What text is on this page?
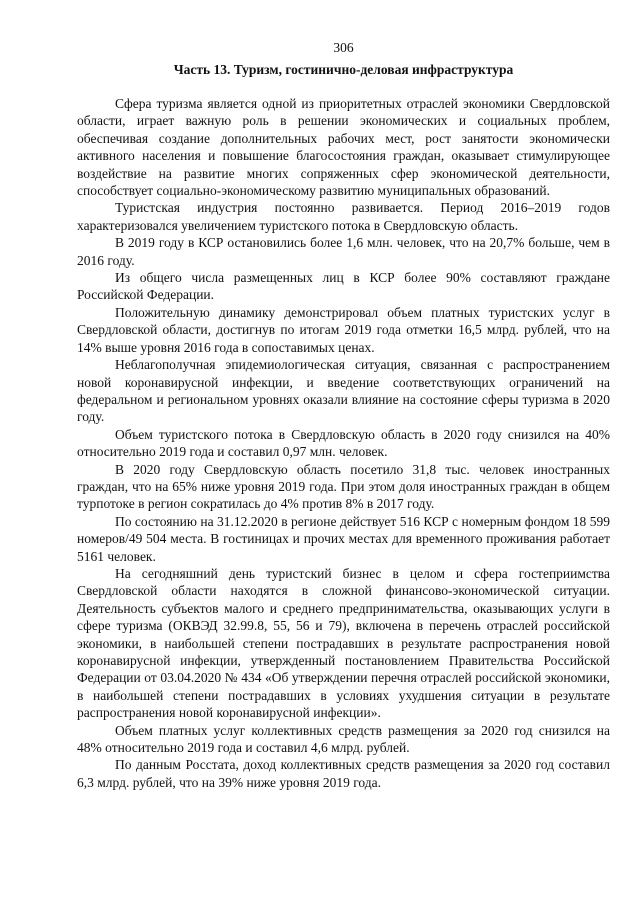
306
Часть 13. Туризм, гостинично-деловая инфраструктура

Сфера туризма является одной из приоритетных отраслей экономики Свердловской области, играет важную роль в решении экономических и социальных проблем, обеспечивая создание дополнительных рабочих мест, рост занятости экономически активного населения и повышение благосостояния граждан, оказывает стимулирующее воздействие на развитие многих сопряженных сфер экономической деятельности, способствует социально-экономическому развитию муниципальных образований.

Туристская индустрия постоянно развивается. Период 2016–2019 годов характеризовался увеличением туристского потока в Свердловскую область.

В 2019 году в КСР остановились более 1,6 млн. человек, что на 20,7% больше, чем в 2016 году.

Из общего числа размещенных лиц в КСР более 90% составляют граждане Российской Федерации.

Положительную динамику демонстрировал объем платных туристских услуг в Свердловской области, достигнув по итогам 2019 года отметки 16,5 млрд. рублей, что на 14% выше уровня 2016 года в сопоставимых ценах.

Неблагополучная эпидемиологическая ситуация, связанная с распространением новой коронавирусной инфекции, и введение соответствующих ограничений на федеральном и региональном уровнях оказали влияние на состояние сферы туризма в 2020 году.

Объем туристского потока в Свердловскую область в 2020 году снизился на 40% относительно 2019 года и составил 0,97 млн. человек.

В 2020 году Свердловскую область посетило 31,8 тыс. человек иностранных граждан, что на 65% ниже уровня 2019 года. При этом доля иностранных граждан в общем турпотоке в регион сократилась до 4% против 8% в 2017 году.

По состоянию на 31.12.2020 в регионе действует 516 КСР с номерным фондом 18 599 номеров/49 504 места. В гостиницах и прочих местах для временного проживания работает 5161 человек.

На сегодняшний день туристский бизнес в целом и сфера гостеприимства Свердловской области находятся в сложной финансово-экономической ситуации. Деятельность субъектов малого и среднего предпринимательства, оказывающих услуги в сфере туризма (ОКВЭД 32.99.8, 55, 56 и 79), включена в перечень отраслей российской экономики, в наибольшей степени пострадавших в результате распространения новой коронавирусной инфекции, утвержденный постановлением Правительства Российской Федерации от 03.04.2020 № 434 «Об утверждении перечня отраслей российской экономики, в наибольшей степени пострадавших в условиях ухудшения ситуации в результате распространения новой коронавирусной инфекции».

Объем платных услуг коллективных средств размещения за 2020 год снизился на 48% относительно 2019 года и составил 4,6 млрд. рублей.

По данным Росстата, доход коллективных средств размещения за 2020 год составил 6,3 млрд. рублей, что на 39% ниже уровня 2019 года.
